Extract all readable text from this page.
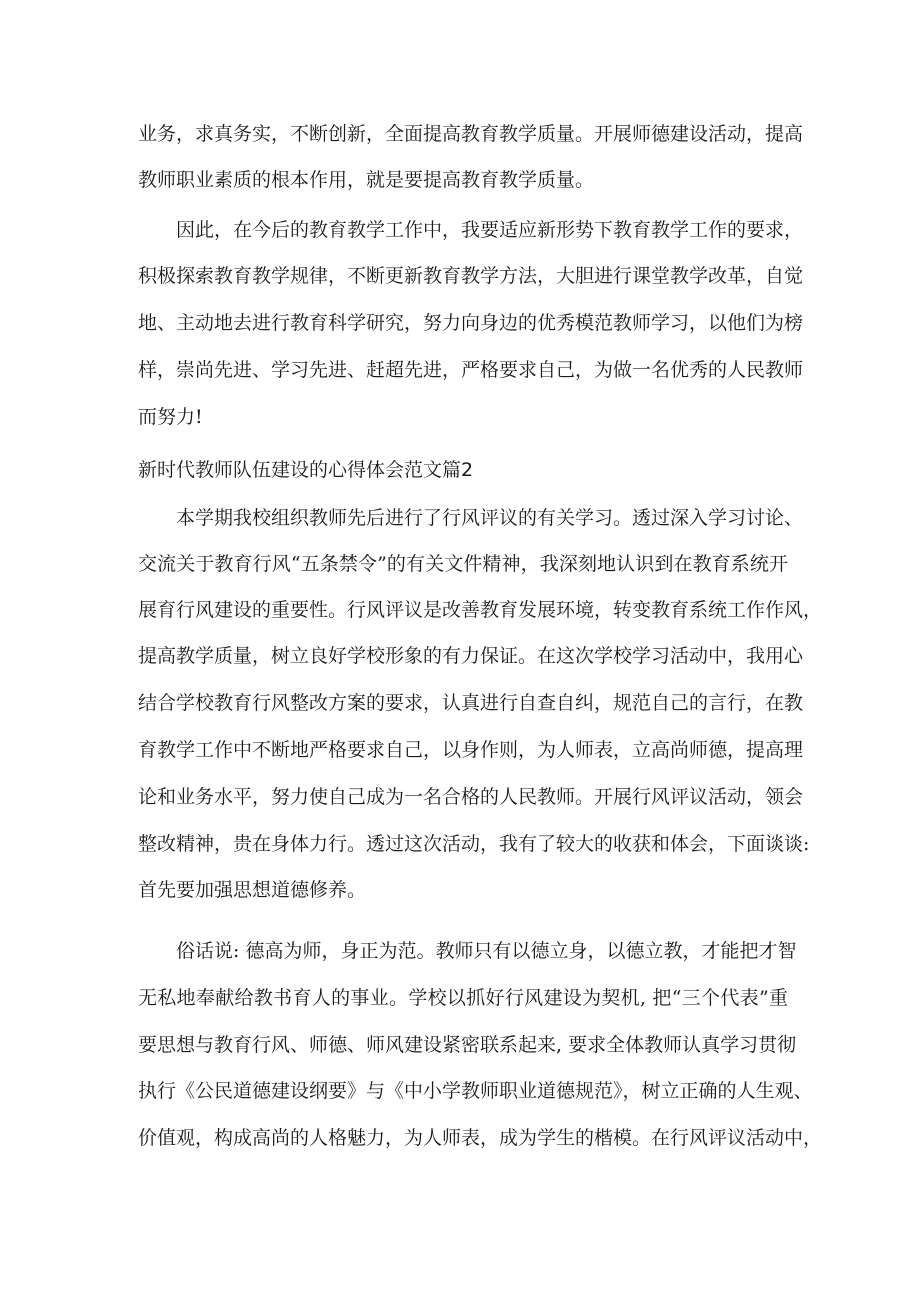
业务，求真务实，不断创新，全面提高教育教学质量。开展师德建设活动，提高

教师职业素质的根本作用，就是要提高教育教学质量。

因此，在今后的教育教学工作中，我要适应新形势下教育教学工作的要求，

积极探索教育教学规律，不断更新教育教学方法，大胆进行课堂教学改革，自觉

地、主动地去进行教育科学研究，努力向身边的优秀模范教师学习，以他们为榜

样，崇尚先进、学习先进、赶超先进，严格要求自己，为做一名优秀的人民教师

而努力!

新时代教师队伍建设的心得体会范文篇2

本学期我校组织教师先后进行了行风评议的有关学习。透过深入学习讨论、

交流关于教育行风“五条禁令”的有关文件精神，我深刻地认识到在教育系统开

展育行风建设的重要性。行风评议是改善教育发展环境，转变教育系统工作作风，

提高教学质量，树立良好学校形象的有力保证。在这次学校学习活动中，我用心

结合学校教育行风整改方案的要求，认真进行自查自纠，规范自己的言行，在教

育教学工作中不断地严格要求自己，以身作则，为人师表，立高尚师德，提高理

论和业务水平，努力使自己成为一名合格的人民教师。开展行风评议活动，领会

整改精神，贵在身体力行。透过这次活动，我有了较大的收获和体会，下面谈谈:

首先要加强思想道德修养。

俗话说: 德高为师，身正为范。教师只有以德立身，以德立教，才能把才智

无私地奉献给教书育人的事业。学校以抓好行风建设为契机, 把“三个代表”重

要思想与教育行风、师德、师风建设紧密联系起来, 要求全体教师认真学习贯彻

执行《公民道德建设纲要》与《中小学教师职业道德规范》，树立正确的人生观、

价值观，构成高尚的人格魅力，为人师表，成为学生的楷模。在行风评议活动中，
